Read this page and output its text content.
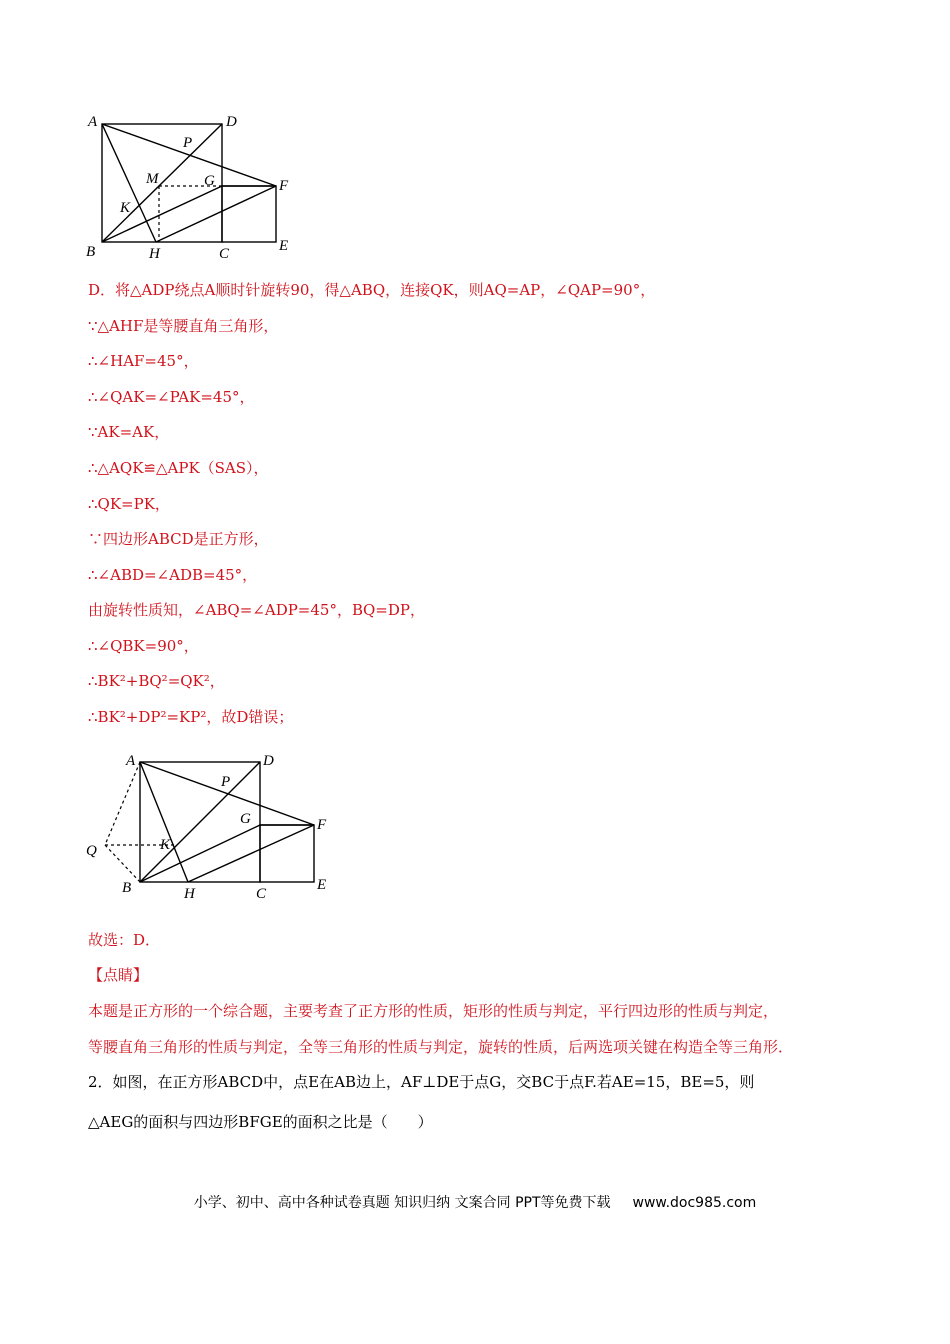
A	D
P
M	G	F
K
B	H	C	E
D．将△ADP绕点A顺时针旋转90，得△ABQ，连接QK，则AQ=AP，∠QAP=90°，
∵△AHF是等腰直角三角形，
∴∠HAF=45°，
∴∠QAK=∠PAK=45°，
∵AK=AK，
∴△AQK≌△APK（SAS），
∴QK=PK，
∵四边形ABCD是正方形，
∴∠ABD=∠ADB=45°，
由旋转性质知，∠ABQ=∠ADP=45°，BQ=DP，
∴∠QBK=90°，
∴BK²+BQ²=QK²，
∴BK²+DP²=KP²，故D错误；
A	D
P
G	F
Q	K
B	H	C
E
故选：D．
【点睛】
本题是正方形的一个综合题，主要考查了正方形的性质，矩形的性质与判定，平行四边形的性质与判定，
等腰直角三角形的性质与判定，全等三角形的性质与判定，旋转的性质，后两选项关键在构造全等三角形．
2．如图，在正方形ABCD中，点E在AB边上，AF⊥DE于点G，交BC于点F.若AE=15，BE=5，则
△AEG的面积与四边形BFGE的面积之比是（　　）
小学、初中、高中各种试卷真题 知识归纳 文案合同 PPT等免费下载 www.doc985.com
